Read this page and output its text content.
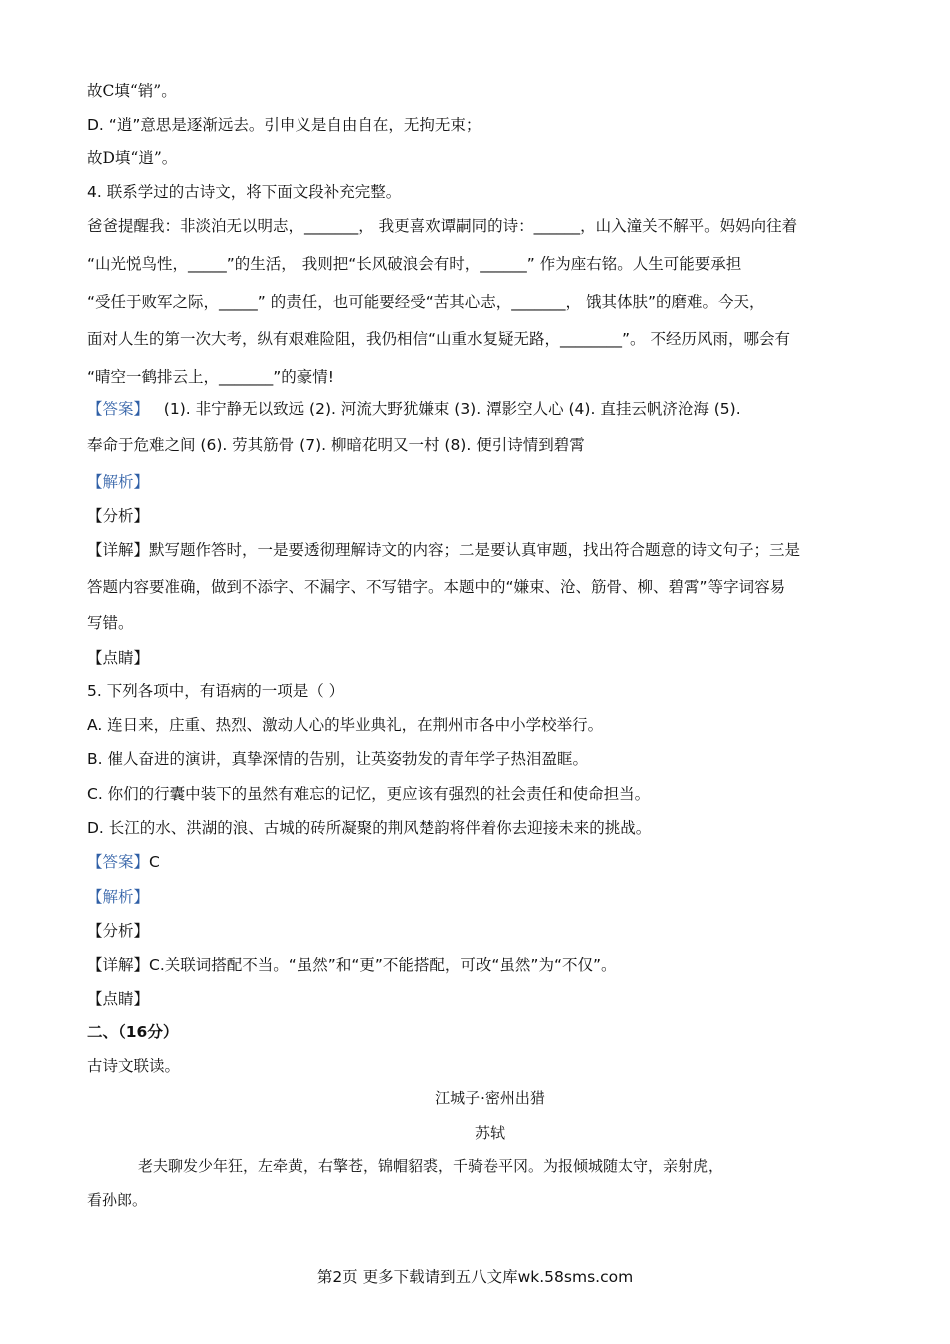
故C填“销”。
D. “逍”意思是逐渐远去。引申义是自由自在，无拘无束；
故D填“逍”。
4. 联系学过的古诗文，将下面文段补充完整。
爸爸提醒我：非淡泊无以明志，_______， 我更喜欢谭嗣同的诗：______，山入潼关不解平。妈妈向往着
“山光悦鸟性，_____”的生活， 我则把“长风破浪会有时，______” 作为座右铭。人生可能要承担
“受任于败军之际，_____” 的责任，也可能要经受“苦其心志，_______， 饿其体肤”的磨难。今天，
面对人生的第一次大考，纵有艰难险阻，我仍相信“山重水复疑无路，________”。 不经历风雨，哪会有
“晴空一鹤排云上，_______”的豪情!
【答案】 (1). 非宁静无以致远 (2). 河流大野犹嫌束 (3). 潭影空人心 (4). 直挂云帆济沧海 (5).
奉命于危难之间 (6). 劳其筋骨 (7). 柳暗花明又一村 (8). 便引诗情到碧霄
【解析】
【分析】
【详解】默写题作答时，一是要透彻理解诗文的内容；二是要认真审题，找出符合题意的诗文句子；三是
答题内容要准确，做到不添字、不漏字、不写错字。本题中的“嫌束、沧、筋骨、柳、碧霄”等字词容易
写错。
【点睛】
5. 下列各项中，有语病的一项是（ ）
A. 连日来，庄重、热烈、激动人心的毕业典礼，在荆州市各中小学校举行。
B. 催人奋进的演讲，真挚深情的告别，让英姿勃发的青年学子热泪盈眶。
C. 你们的行囊中装下的虽然有难忘的记忆，更应该有强烈的社会责任和使命担当。
D. 长江的水、洪湖的浪、古城的砖所凝聚的荆风楚韵将伴着你去迎接未来的挑战。
【答案】C
【解析】
【分析】
【详解】C.关联词搭配不当。“虽然”和“更”不能搭配，可改“虽然”为“不仅”。
【点睛】
二、（16分）
古诗文联读。
江城子·密州出猎
苏轼
老夫聊发少年狂，左牵黄，右擎苍，锦帽貂裘，千骑卷平冈。为报倾城随太守，亲射虎，
看孙郎。
第2页 更多下载请到五八文库wk.58sms.com
